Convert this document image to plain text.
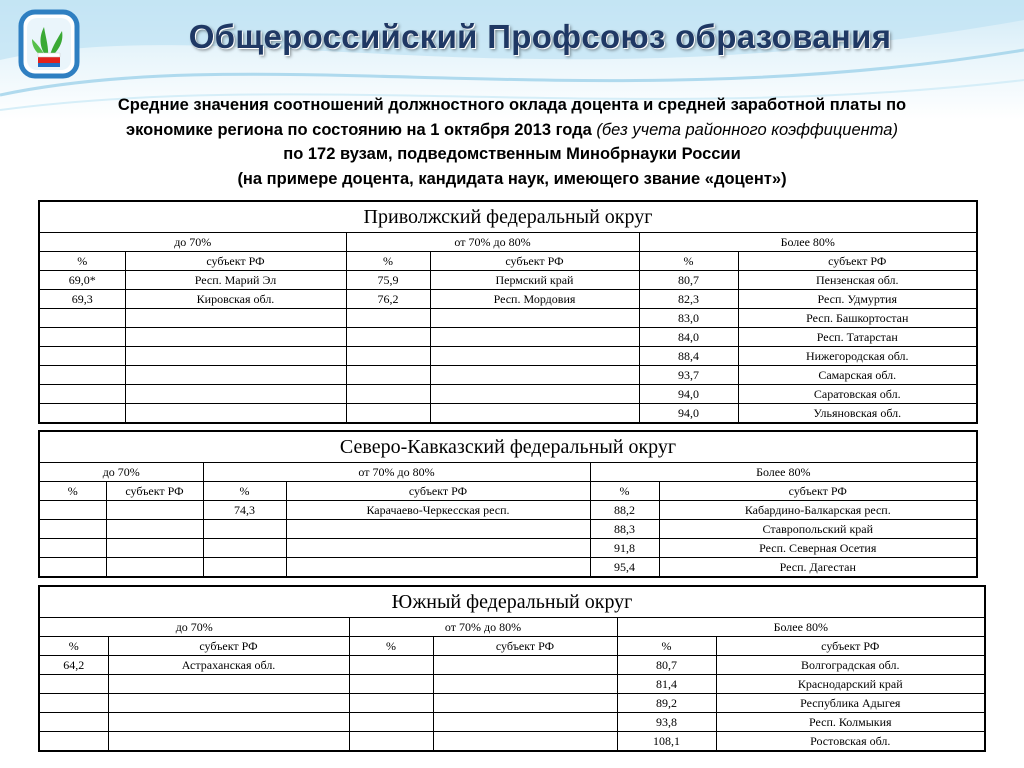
Общероссийский Профсоюз образования
Средние значения соотношений должностного оклада доцента и средней заработной платы по
экономике региона по состоянию на 1 октября 2013 года (без учета районного коэффициента)
по 172 вузам, подведомственным Минобрнауки России
(на примере доцента, кандидата наук, имеющего звание «доцент»)
Приволжский федеральный округ					
до 70%		от 70% до 80%		Более 80%	
%	субъект РФ	%	субъект РФ	%	субъект РФ
69,0*	Респ. Марий Эл	75,9	Пермский край	80,7	Пензенская обл.
69,3	Кировская обл.	76,2	Респ. Мордовия	82,3	Респ. Удмуртия
				83,0	Респ. Башкортостан
				84,0	Респ. Татарстан
				88,4	Нижегородская обл.
				93,7	Самарская обл.
				94,0	Саратовская обл.
				94,0	Ульяновская обл.
Северо-Кавказский федеральный округ					
до 70%		от 70% до 80%		Более 80%	
%	субъект РФ	%	субъект РФ	%	субъект РФ
		74,3	Карачаево-Черкесская респ.	88,2	Кабардино-Балкарская респ.
				88,3	Ставропольский край
				91,8	Респ. Северная Осетия
				95,4	Респ. Дагестан
Южный федеральный округ					
до 70%		от 70% до 80%		Более 80%	
%	субъект РФ	%	субъект РФ	%	субъект РФ
64,2	Астраханская обл.			80,7	Волгоградская обл.
				81,4	Краснодарский край
				89,2	Республика Адыгея
				93,8	Респ. Колмыкия
				108,1	Ростовская обл.
